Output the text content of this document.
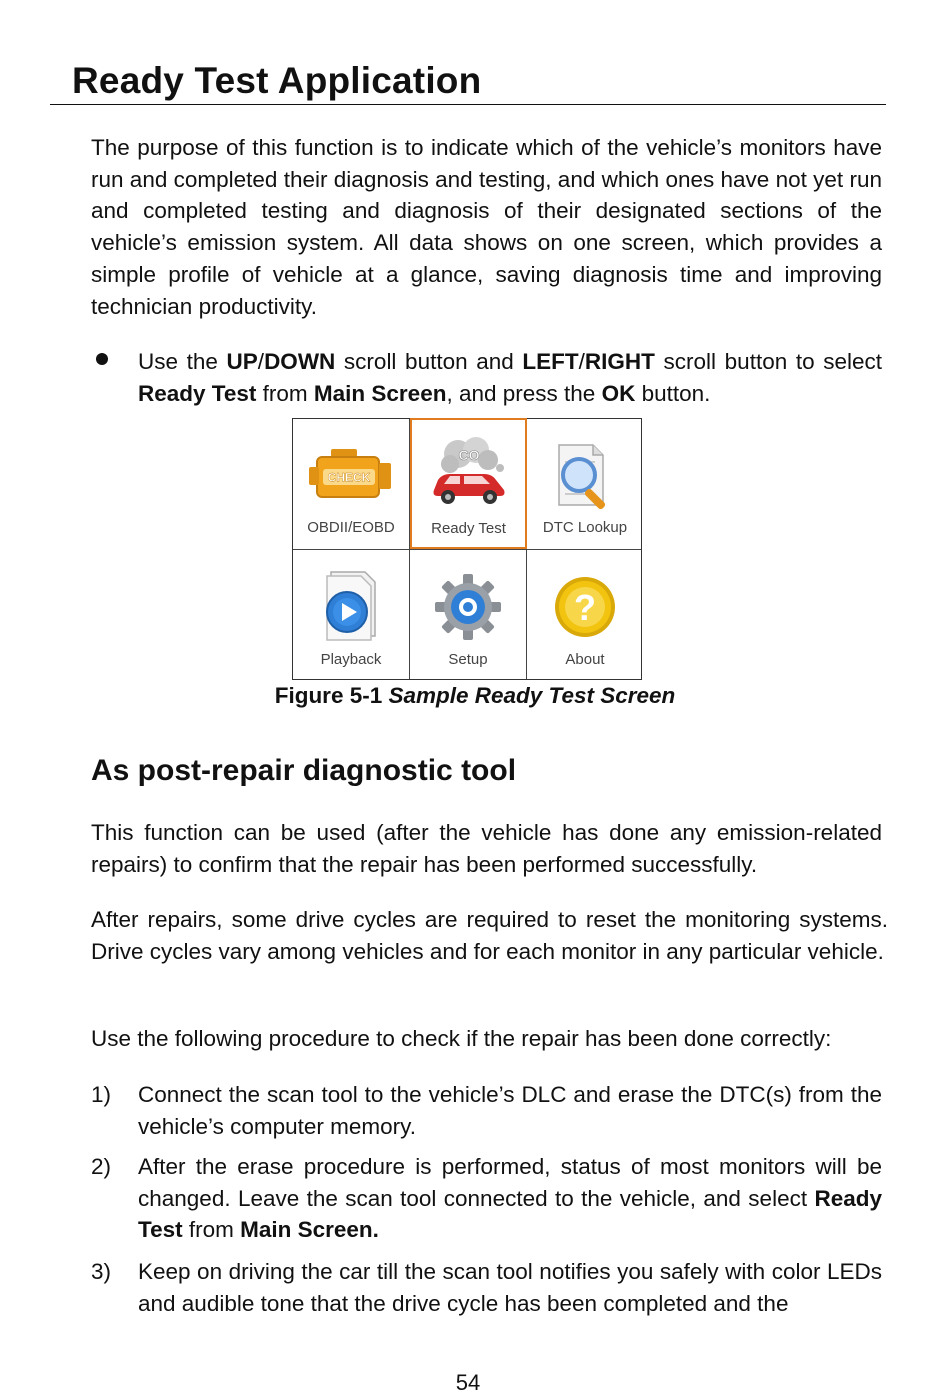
Ready Test Application

The purpose of this function is to indicate which of the vehicle’s monitors have run and completed their diagnosis and testing, and which ones have not yet run and completed testing and diagnosis of their designated sections of the vehicle’s emission system. All data shows on one screen, which provides a simple profile of vehicle at a glance, saving diagnosis time and improving technician productivity.

Use the UP/DOWN scroll button and LEFT/RIGHT scroll button to select Ready Test from Main Screen, and press the OK button.

CHECK
OBDII/EOBD
CO
Ready Test	DTC Lookup
Playback	Setup
?
About

Figure 5-1 Sample Ready Test Screen

As post-repair diagnostic tool

This function can be used (after the vehicle has done any emission-related repairs) to confirm that the repair has been performed successfully.

After repairs, some drive cycles are required to reset the monitoring systems. Drive cycles vary among vehicles and for each monitor in any particular vehicle.

Use the following procedure to check if the repair has been done correctly:

1) Connect the scan tool to the vehicle’s DLC and erase the DTC(s) from the vehicle’s computer memory.

2) After the erase procedure is performed, status of most monitors will be changed. Leave the scan tool connected to the vehicle, and select Ready Test from Main Screen.

3) Keep on driving the car till the scan tool notifies you safely with color LEDs and audible tone that the drive cycle has been completed and the

54
